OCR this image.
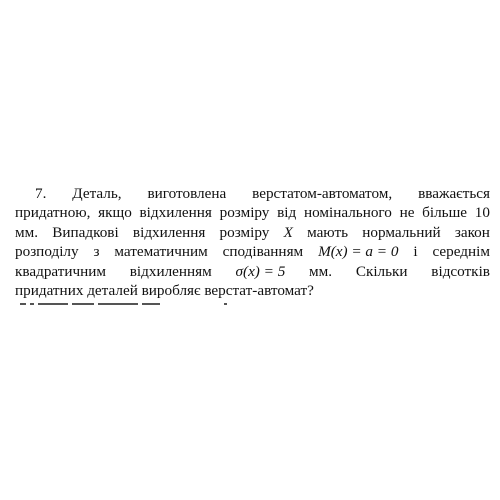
7. Деталь, виготовлена верстатом-автоматом, вважається
придатною, якщо відхилення розміру від номінального не більше 10
мм. Випадкові відхилення розміру X мають нормальний закон
розподілу з математичним сподіванням M(x) = a = 0 і середнім
квадратичним відхиленням σ(x) = 5 мм. Скільки відсотків
придатних деталей виробляє верстат-автомат?
